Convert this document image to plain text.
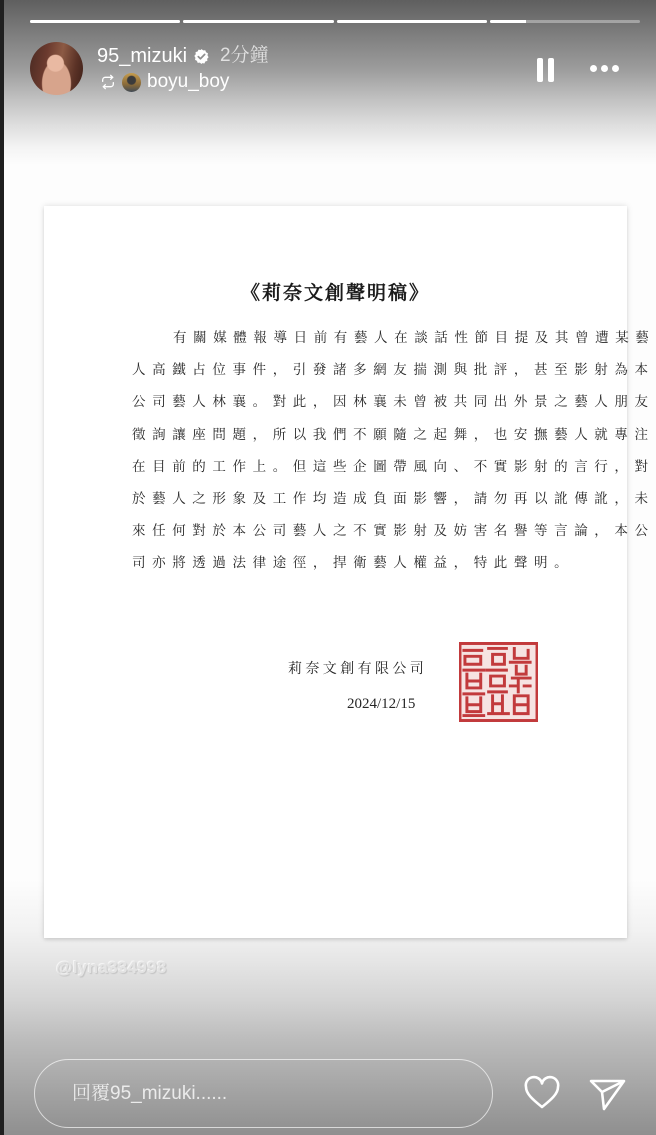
95_mizuki 2分鐘
boyu_boy
《莉奈文創聲明稿》
有關媒體報導日前有藝人在談話性節目提及其曾遭某藝
人高鐵占位事件，引發諸多網友揣測與批評，甚至影射為本
公司藝人林襄。對此，因林襄未曾被共同出外景之藝人朋友
徵詢讓座問題，所以我們不願隨之起舞，也安撫藝人就專注
在目前的工作上。但這些企圖帶風向、不實影射的言行，對
於藝人之形象及工作均造成負面影響，請勿再以訛傳訛，未
來任何對於本公司藝人之不實影射及妨害名譽等言論，本公
司亦將透過法律途徑，捍衛藝人權益，特此聲明。
莉奈文創有限公司
2024/12/15
@lyna334998
回覆95_mizuki......
